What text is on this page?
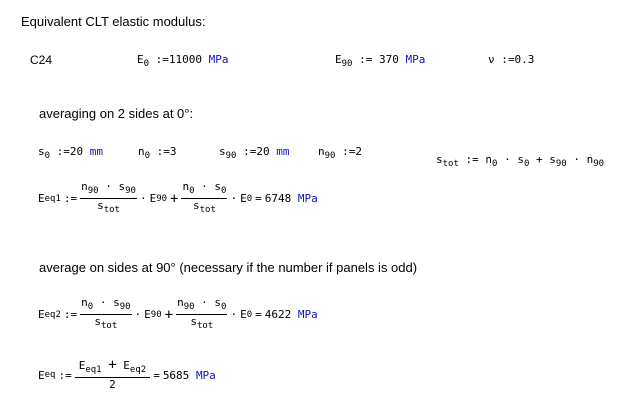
Equivalent CLT elastic modulus:
C24	$E_0$ :=11000 MPa	$E_{90}$ := 370 MPa	ν :=0.3
averaging on 2 sides at 0°:
$s_0$ :=20 mm	$n_0$ :=3	$s_{90}$ :=20 mm	$n_{90}$ :=2
$s_{tot}$ := $n_0 \cdot s_0 + s_{90} \cdot n_{90}$
E eq1 := $\frac{n_{90} \cdot s_{90}}{s_{tot}} \cdot E$ $90 + \frac{n_0 \cdot s_0}{s_{tot}} \cdot E$ 0 = 6748
MPa
average on sides at 90° (necessary if the number if panels is odd)
E eq2 := $\frac{n_0 \cdot s_{90}}{s_{tot}} \cdot E$ $90 + \frac{n_{90} \cdot s_0}{s_{tot}} \cdot E$ 0 = 4622
MPa
E eq := $\frac{E_{eq1} + E_{eq2}}{2} = 5685$
MPa
